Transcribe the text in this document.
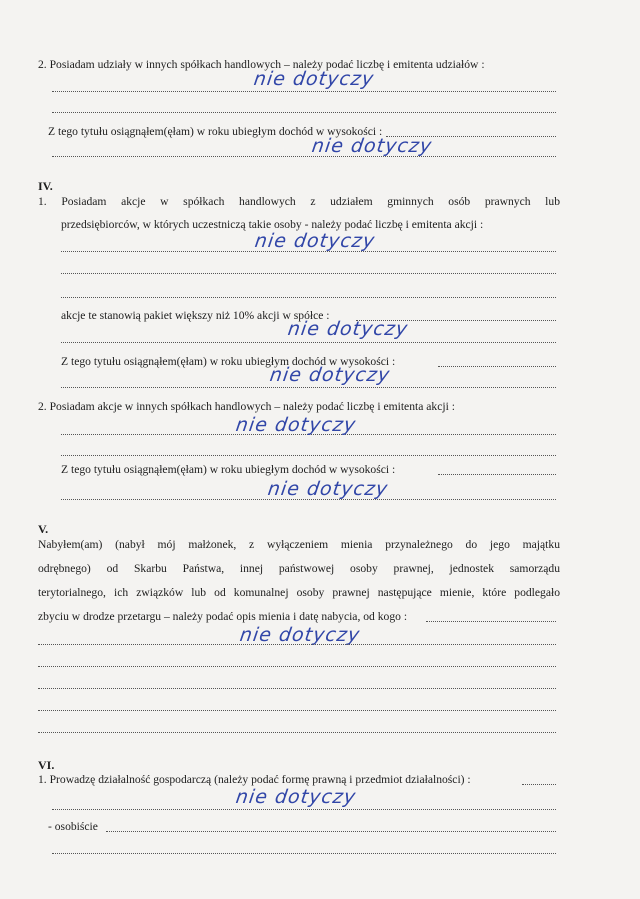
2. Posiadam udziały w innych spółkach handlowych – należy podać liczbę i emitenta udziałów :
nie dotyczy
Z tego tytułu osiągnąłem(ęłam) w roku ubiegłym dochód w wysokości :
nie dotyczy
IV.
1. Posiadam akcje w spółkach handlowych z udziałem gminnych osób prawnych lub
przedsiębiorców, w których uczestniczą takie osoby - należy podać liczbę i emitenta akcji :
nie dotyczy
akcje te stanowią pakiet większy niż 10% akcji w spółce :
nie dotyczy
Z tego tytułu osiągnąłem(ęłam) w roku ubiegłym dochód w wysokości :
nie dotyczy
2. Posiadam akcje w innych spółkach handlowych – należy podać liczbę i emitenta akcji :
nie dotyczy
Z tego tytułu osiągnąłem(ęłam) w roku ubiegłym dochód w wysokości :
nie dotyczy
V.
Nabyłem(am) (nabył mój małżonek, z wyłączeniem mienia przynależnego do jego majątku
odrębnego) od Skarbu Państwa, innej państwowej osoby prawnej, jednostek samorządu
terytorialnego, ich związków lub od komunalnej osoby prawnej następujące mienie, które podlegało
zbyciu w drodze przetargu – należy podać opis mienia i datę nabycia, od kogo :
nie dotyczy
VI.
1. Prowadzę działalność gospodarczą (należy podać formę prawną i przedmiot działalności) :
nie dotyczy
- osobiście
